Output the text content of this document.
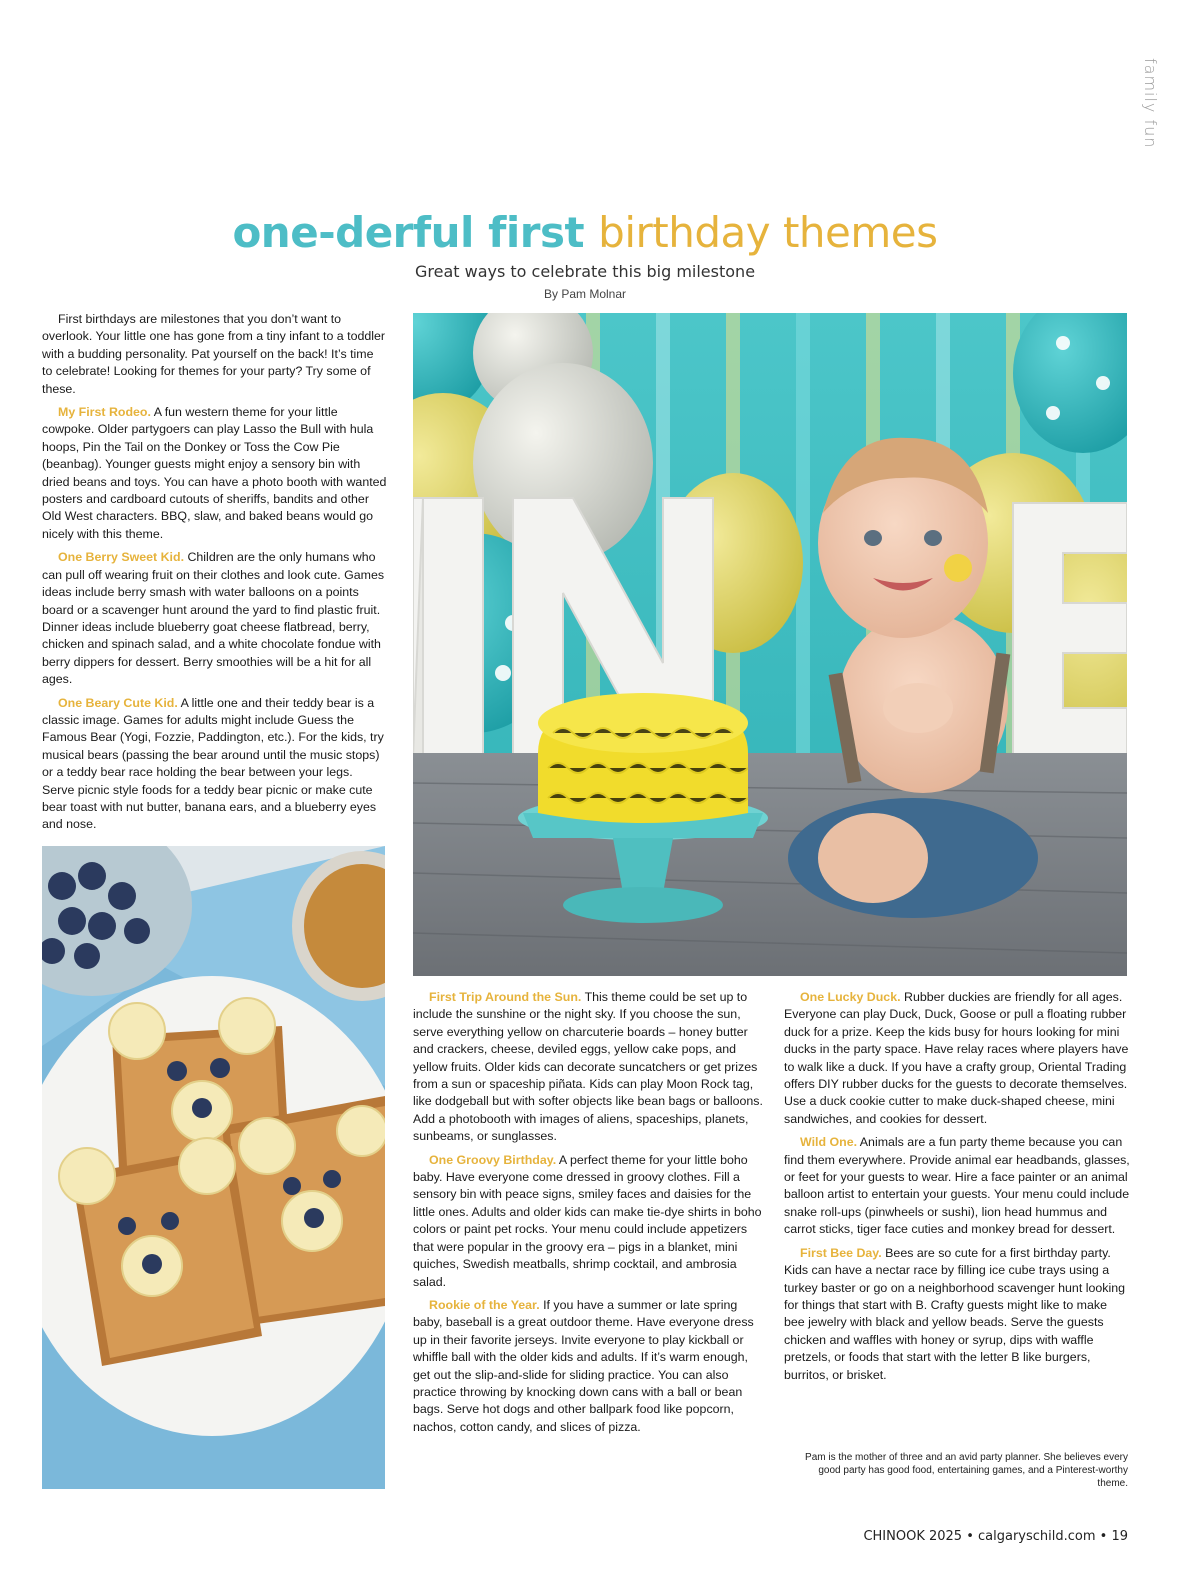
family fun
one-derful first birthday themes
Great ways to celebrate this big milestone
By Pam Molnar

First birthdays are milestones that you don’t want to overlook. Your little one has gone from a tiny infant to a toddler with a budding personality. Pat yourself on the back! It’s time to celebrate! Looking for themes for your party? Try some of these.

My First Rodeo. A fun western theme for your little cowpoke. Older partygoers can play Lasso the Bull with hula hoops, Pin the Tail on the Donkey or Toss the Cow Pie (beanbag). Younger guests might enjoy a sensory bin with dried beans and toys. You can have a photo booth with wanted posters and cardboard cutouts of sheriffs, bandits and other Old West characters. BBQ, slaw, and baked beans would go nicely with this theme.

One Berry Sweet Kid. Children are the only humans who can pull off wearing fruit on their clothes and look cute. Games ideas include berry smash with water balloons on a points board or a scavenger hunt around the yard to find plastic fruit. Dinner ideas include blueberry goat cheese flatbread, berry, chicken and spinach salad, and a white chocolate fondue with berry dippers for dessert. Berry smoothies will be a hit for all ages.

One Beary Cute Kid. A little one and their teddy bear is a classic image. Games for adults might include Guess the Famous Bear (Yogi, Fozzie, Paddington, etc.). For the kids, try musical bears (passing the bear around until the music stops) or a teddy bear race holding the bear between your legs. Serve picnic style foods for a teddy bear picnic or make cute bear toast with nut butter, banana ears, and a blueberry eyes and nose.

First Trip Around the Sun. This theme could be set up to include the sunshine or the night sky. If you choose the sun, serve everything yellow on charcuterie boards – honey butter and crackers, cheese, deviled eggs, yellow cake pops, and yellow fruits. Older kids can decorate suncatchers or get prizes from a sun or spaceship piñata. Kids can play Moon Rock tag, like dodgeball but with softer objects like bean bags or balloons. Add a photobooth with images of aliens, spaceships, planets, sunbeams, or sunglasses.

One Groovy Birthday. A perfect theme for your little boho baby. Have everyone come dressed in groovy clothes. Fill a sensory bin with peace signs, smiley faces and daisies for the little ones. Adults and older kids can make tie-dye shirts in boho colors or paint pet rocks. Your menu could include appetizers that were popular in the groovy era – pigs in a blanket, mini quiches, Swedish meatballs, shrimp cocktail, and ambrosia salad.

Rookie of the Year. If you have a summer or late spring baby, baseball is a great outdoor theme. Have everyone dress up in their favorite jerseys. Invite everyone to play kickball or whiffle ball with the older kids and adults. If it’s warm enough, get out the slip-and-slide for sliding practice. You can also practice throwing by knocking down cans with a ball or bean bags. Serve hot dogs and other ballpark food like popcorn, nachos, cotton candy, and slices of pizza.

One Lucky Duck. Rubber duckies are friendly for all ages. Everyone can play Duck, Duck, Goose or pull a floating rubber duck for a prize. Keep the kids busy for hours looking for mini ducks in the party space. Have relay races where players have to walk like a duck. If you have a crafty group, Oriental Trading offers DIY rubber ducks for the guests to decorate themselves. Use a duck cookie cutter to make duck-shaped cheese, mini sandwiches, and cookies for dessert.

Wild One. Animals are a fun party theme because you can find them everywhere. Provide animal ear headbands, glasses, or feet for your guests to wear. Hire a face painter or an animal balloon artist to entertain your guests. Your menu could include snake roll-ups (pinwheels or sushi), lion head hummus and carrot sticks, tiger face cuties and monkey bread for dessert.

First Bee Day. Bees are so cute for a first birthday party. Kids can have a nectar race by filling ice cube trays using a turkey baster or go on a neighborhood scavenger hunt looking for things that start with B. Crafty guests might like to make bee jewelry with black and yellow beads. Serve the guests chicken and waffles with honey or syrup, dips with waffle pretzels, or foods that start with the letter B like burgers, burritos, or brisket.

Pam is the mother of three and an avid party planner. She believes every good party has good food, entertaining games, and a Pinterest-worthy theme.
CHINOOK 2025 • calgaryschild.com • 19
